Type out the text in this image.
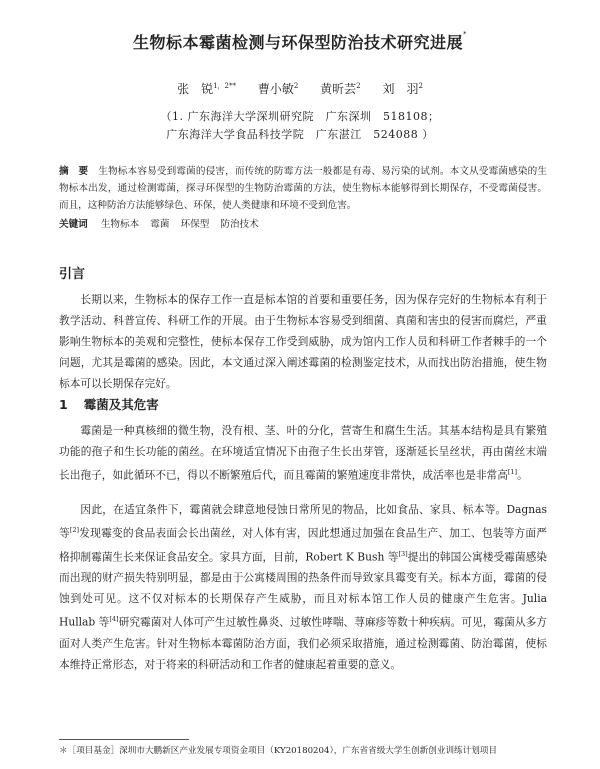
生物标本霉菌检测与环保型防治技术研究进展*
张　锐$^{1,2**}$ 曹小敏$^2$ 黄昕芸$^2$ 刘　羽$^2$
（1. 广东海洋大学深圳研究院　广东深圳　518108；
广东海洋大学食品科技学院　广东湛江　524088 ）
摘　要 生物标本容易受到霉菌的侵害，而传统的防霉方法一般都是有毒、易污染的试剂。本文从受霉菌感染的生物标本出发，通过检测霉菌，探寻环保型的生物防治霉菌的方法，使生物标本能够得到长期保存，不受霉菌侵害。而且，这种防治方法能够绿色、环保，使人类健康和环境不受到危害。
关键词 生物标本 霉菌 环保型 防治技术
引言

长期以来，生物标本的保存工作一直是标本馆的首要和重要任务，因为保存完好的生物标本有利于教学活动、科普宣传、科研工作的开展。由于生物标本容易受到细菌、真菌和害虫的侵害而腐烂，严重影响生物标本的美观和完整性，使标本保存工作受到威胁，成为馆内工作人员和科研工作者棘手的一个问题，尤其是霉菌的感染。因此，本文通过深入阐述霉菌的检测鉴定技术，从而找出防治措施，使生物标本可以长期保存完好。

1 霉菌及其危害

霉菌是一种真核细的微生物，没有根、茎、叶的分化，营寄生和腐生生活。其基本结构是具有繁殖功能的孢子和生长功能的菌丝。在环境适宜情况下由孢子生长出芽管，逐渐延长呈丝状，再由菌丝末端长出孢子，如此循环不已，得以不断繁殖后代，而且霉菌的繁殖速度非常快，成活率也是非常高[1]。

因此，在适宜条件下，霉菌就会肆意地侵蚀日常所见的物品，比如食品、家具、标本等。Dagnas 等[2]发现霉变的食品表面会长出菌丝，对人体有害，因此想通过加强在食品生产、加工、包装等方面严格抑制霉菌生长来保证食品安全。家具方面，目前，Robert K Bush 等[3]提出的韩国公寓楼受霉菌感染而出现的财产损失特别明显，都是由于公寓楼周围的热条件而导致家具霉变有关。标本方面，霉菌的侵蚀到处可见。这不仅对标本的长期保存产生威胁，而且对标本馆工作人员的健康产生危害。Julia Hullab 等[4]研究霉菌对人体可产生过敏性鼻炎、过敏性哮喘、荨麻疹等数十种疾病。可见，霉菌从多方面对人类产生危害。针对生物标本霉菌防治方面，我们必须采取措施，通过检测霉菌、防治霉菌，使标本维持正常形态，对于将来的科研活动和工作者的健康起着重要的意义。

＊［项目基金］深圳市大鹏新区产业发展专项资金项目（KY20180204），广东省省级大学生创新创业训练计划项目
